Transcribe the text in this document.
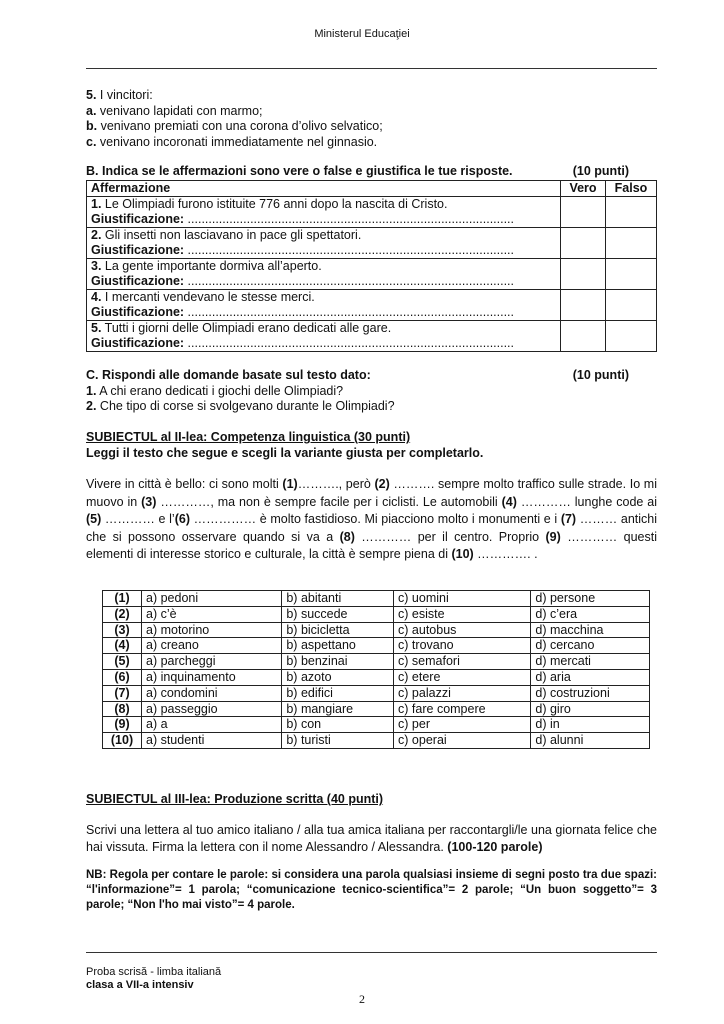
Ministerul Educaţiei
5. I vincitori:
a. venivano lapidati con marmo;
b. venivano premiati con una corona d’olivo selvatico;
c. venivano incoronati immediatamente nel ginnasio.
B. Indica se le affermazioni sono vere o false e giustifica le tue risposte.	(10 punti)
Affermazione	Vero	Falso

1. Le Olimpiadi furono istituite 776 anni dopo la nascita di Cristo.
Giustificazione: ..............................................................................................		

2. Gli insetti non lasciavano in pace gli spettatori.
Giustificazione: ..............................................................................................		

3. La gente importante dormiva all’aperto.
Giustificazione: ..............................................................................................		

4. I mercanti vendevano le stesse merci.
Giustificazione: ..............................................................................................		

5. Tutti i giorni delle Olimpiadi erano dedicati alle gare.
Giustificazione: ..............................................................................................		

C. Rispondi alle domande basate sul testo dato:	(10 punti)
1. A chi erano dedicati i giochi delle Olimpiadi?
2. Che tipo di corse si svolgevano durante le Olimpiadi?
SUBIECTUL al II-lea: Competenza linguistica (30 punti)
Leggi il testo che segue e scegli la variante giusta per completarlo.
Vivere in città è bello: ci sono molti (1)………., però (2) ………. sempre molto traffico sulle strade. Io mi muovo in (3) …………, ma non è sempre facile per i ciclisti. Le automobili (4) ………… lunghe code ai (5) ………… e l’(6) …………… è molto fastidioso. Mi piacciono molto i monumenti e i (7) ……… antichi che si possono osservare quando si va a (8) ………… per il centro. Proprio (9) ………… questi elementi di interesse storico e culturale, la città è sempre piena di (10) …………. .
(1)	a) pedoni	b) abitanti	c) uomini	d) persone
(2)	a) c’è	b) succede	c) esiste	d) c’era
(3)	a) motorino	b) bicicletta	c) autobus	d) macchina
(4)	a) creano	b) aspettano	c) trovano	d) cercano
(5)	a) parcheggi	b) benzinai	c) semafori	d) mercati
(6)	a) inquinamento	b) azoto	c) etere	d) aria
(7)	a) condomini	b) edifici	c) palazzi	d) costruzioni
(8)	a) passeggio	b) mangiare	c) fare compere	d) giro
(9)	a) a	b) con	c) per	d) in
(10)	a) studenti	b) turisti	c) operai	d) alunni
SUBIECTUL al III-lea: Produzione scritta (40 punti)
Scrivi una lettera al tuo amico italiano / alla tua amica italiana per raccontargli/le una giornata felice che hai vissuta. Firma la lettera con il nome Alessandro / Alessandra. (100-120 parole)
NB: Regola per contare le parole: si considera una parola qualsiasi insieme di segni posto tra due spazi: “l'informazione”= 1 parola; “comunicazione tecnico-scientifica”= 2 parole; “Un buon soggetto”= 3 parole; “Non l'ho mai visto”= 4 parole.
Proba scrisă - limba italiană
clasa a VII-a intensiv
2
